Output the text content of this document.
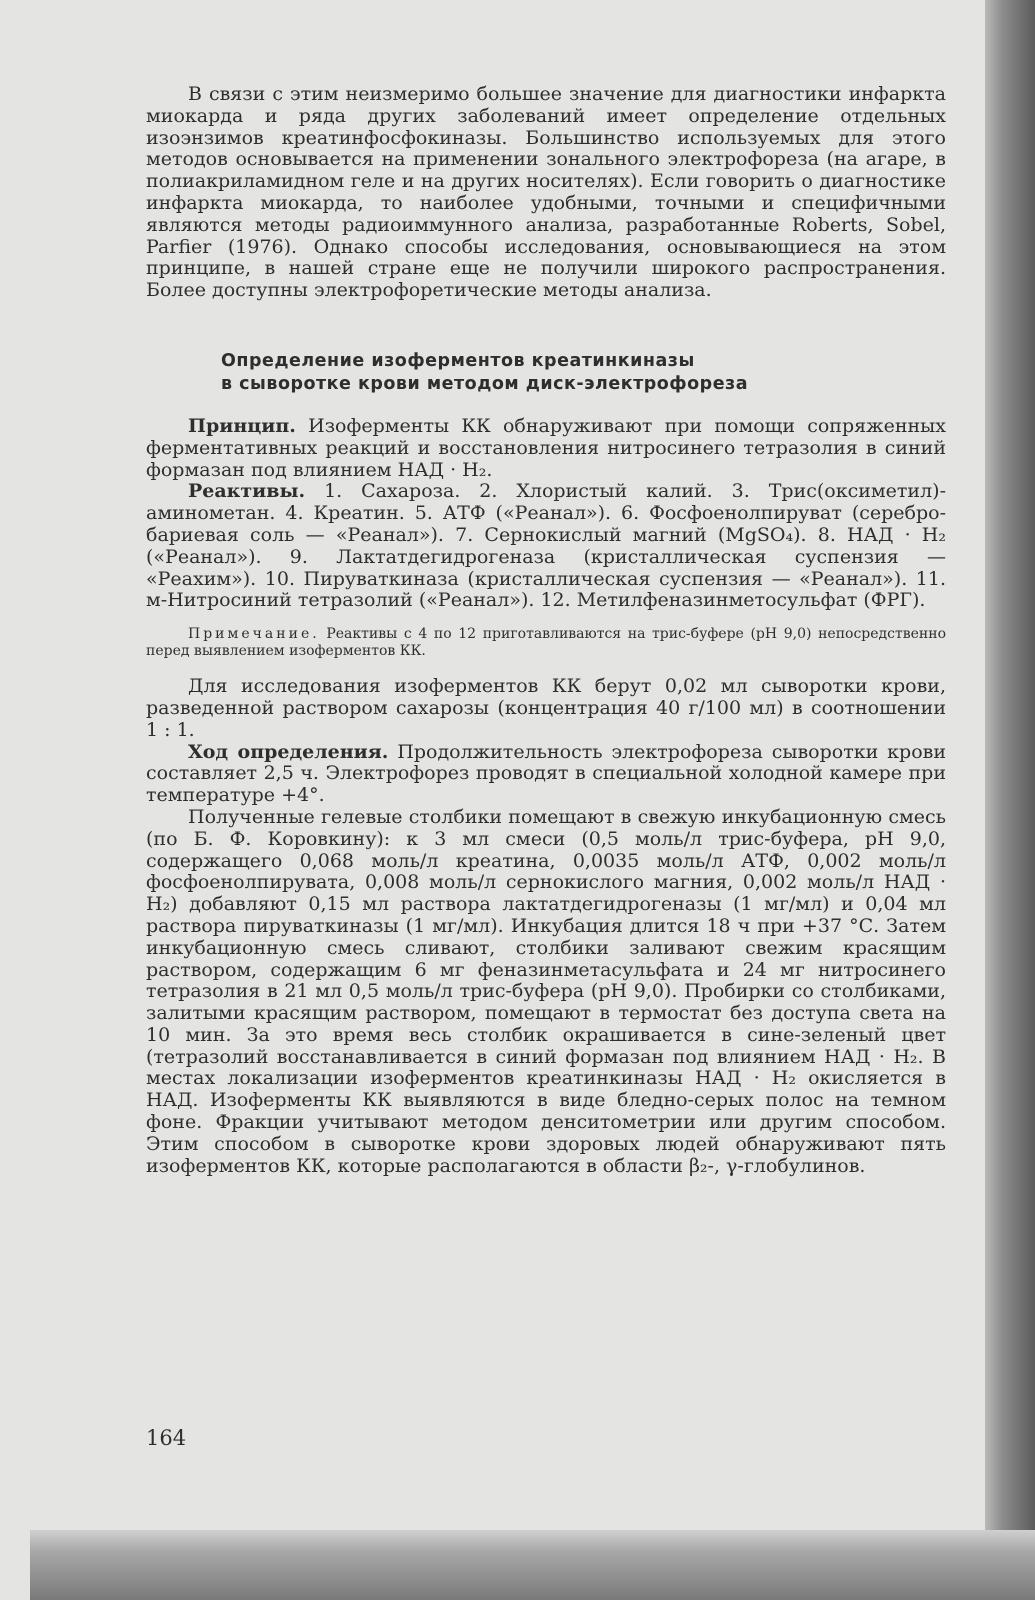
В связи с этим неизмеримо большее значение для диагностики инфаркта миокарда и ряда других заболеваний имеет определение отдельных изоэнзимов креатинфосфокиназы. Большинство используемых для этого методов основывается на применении зонального электрофореза (на агаре, в полиакриламидном геле и на других носителях). Если говорить о диагностике инфаркта миокарда, то наиболее удобными, точными и специфичными являются методы радиоиммунного анализа, разработанные Roberts, Sobel, Parfier (1976). Однако способы исследования, основывающиеся на этом принципе, в нашей стране еще не получили широкого распространения. Более доступны электрофоретические методы анализа.

Определение изоферментов креатинкиназы
в сыворотке крови методом диск-электрофореза

Принцип. Изоферменты КК обнаруживают при помощи сопряженных ферментативных реакций и восстановления нитросинего тетразолия в синий формазан под влиянием НАД · Н₂.

Реактивы. 1. Сахароза. 2. Хлористый калий. 3. Трис(оксиметил)-аминометан. 4. Креатин. 5. АТФ («Реанал»). 6. Фосфоенолпируват (серебро-бариевая соль — «Реанал»). 7. Сернокислый магний (MgSO₄). 8. НАД · Н₂ («Реанал»). 9. Лактатдегидрогеназа (кристаллическая суспензия — «Реахим»). 10. Пируваткиназа (кристаллическая суспензия — «Реанал»). 11. м-Нитросиний тетразолий («Реанал»). 12. Метилфеназинметосульфат (ФРГ).

Примечание. Реактивы с 4 по 12 приготавливаются на трис-буфере (pH 9,0) непосредственно перед выявлением изоферментов КК.

Для исследования изоферментов КК берут 0,02 мл сыворотки крови, разведенной раствором сахарозы (концентрация 40 г/100 мл) в соотношении 1 : 1.

Ход определения. Продолжительность электрофореза сыворотки крови составляет 2,5 ч. Электрофорез проводят в специальной холодной камере при температуре +4°.

Полученные гелевые столбики помещают в свежую инкубационную смесь (по Б. Ф. Коровкину): к 3 мл смеси (0,5 моль/л трис-буфера, pH 9,0, содержащего 0,068 моль/л креатина, 0,0035 моль/л АТФ, 0,002 моль/л фосфоенолпирувата, 0,008 моль/л сернокислого магния, 0,002 моль/л НАД · Н₂) добавляют 0,15 мл раствора лактатдегидрогеназы (1 мг/мл) и 0,04 мл раствора пируваткиназы (1 мг/мл). Инкубация длится 18 ч при +37 °С. Затем инкубационную смесь сливают, столбики заливают свежим красящим раствором, содержащим 6 мг феназинметасульфата и 24 мг нитросинего тетразолия в 21 мл 0,5 моль/л трис-буфера (pH 9,0). Пробирки со столбиками, залитыми красящим раствором, помещают в термостат без доступа света на 10 мин. За это время весь столбик окрашивается в сине-зеленый цвет (тетразолий восстанавливается в синий формазан под влиянием НАД · Н₂. В местах локализации изоферментов креатинкиназы НАД · Н₂ окисляется в НАД. Изоферменты КК выявляются в виде бледно-серых полос на темном фоне. Фракции учитывают методом денситометрии или другим способом. Этим способом в сыворотке крови здоровых людей обнаруживают пять изоферментов КК, которые располагаются в области β₂-, γ-глобулинов.

164
